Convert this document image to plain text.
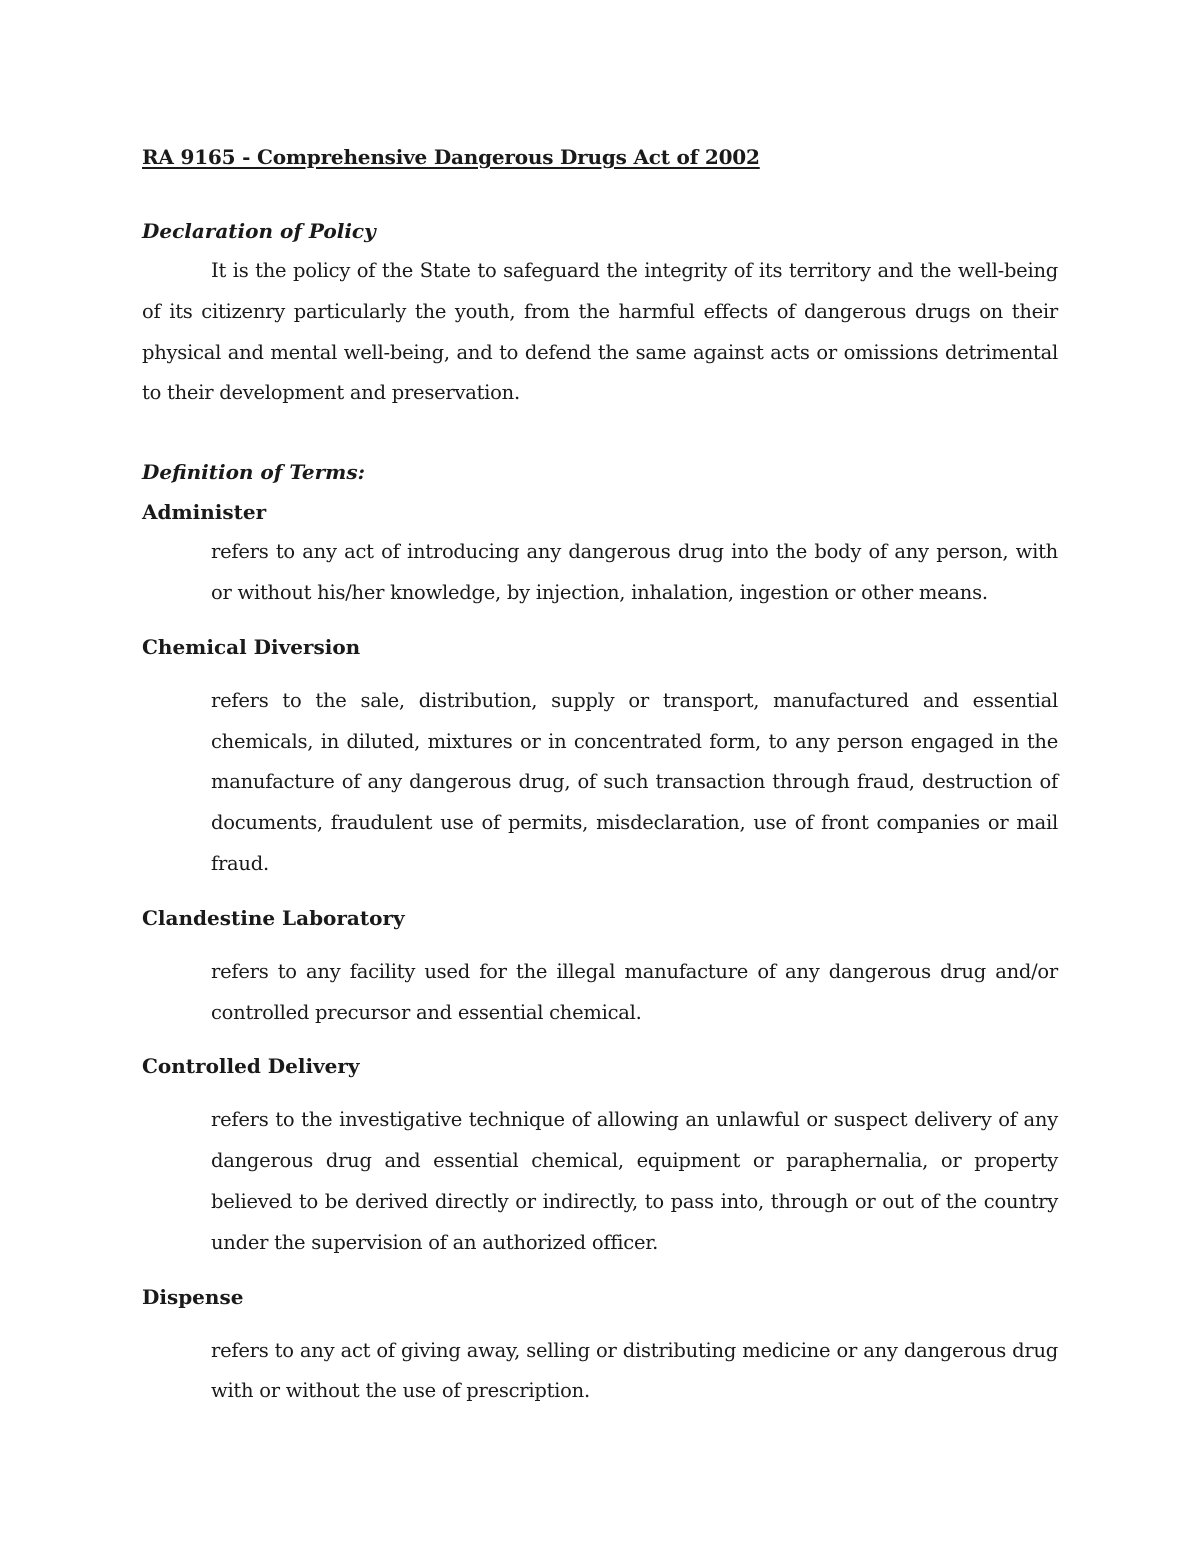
RA 9165 - Comprehensive Dangerous Drugs Act of 2002
Declaration of Policy

It is the policy of the State to safeguard the integrity of its territory and the well-being of its citizenry particularly the youth, from the harmful effects of dangerous drugs on their physical and mental well-being, and to defend the same against acts or omissions detrimental to their development and preservation.

Definition of Terms:
Administer

refers to any act of introducing any dangerous drug into the body of any person, with or without his/her knowledge, by injection, inhalation, ingestion or other means.

Chemical Diversion

refers to the sale, distribution, supply or transport, manufactured and essential chemicals, in diluted, mixtures or in concentrated form, to any person engaged in the manufacture of any dangerous drug, of such transaction through fraud, destruction of documents, fraudulent use of permits, misdeclaration, use of front companies or mail fraud.

Clandestine Laboratory

refers to any facility used for the illegal manufacture of any dangerous drug and/or controlled precursor and essential chemical.

Controlled Delivery

refers to the investigative technique of allowing an unlawful or suspect delivery of any dangerous drug and essential chemical, equipment or paraphernalia, or property believed to be derived directly or indirectly, to pass into, through or out of the country under the supervision of an authorized officer.

Dispense

refers to any act of giving away, selling or distributing medicine or any dangerous drug with or without the use of prescription.
